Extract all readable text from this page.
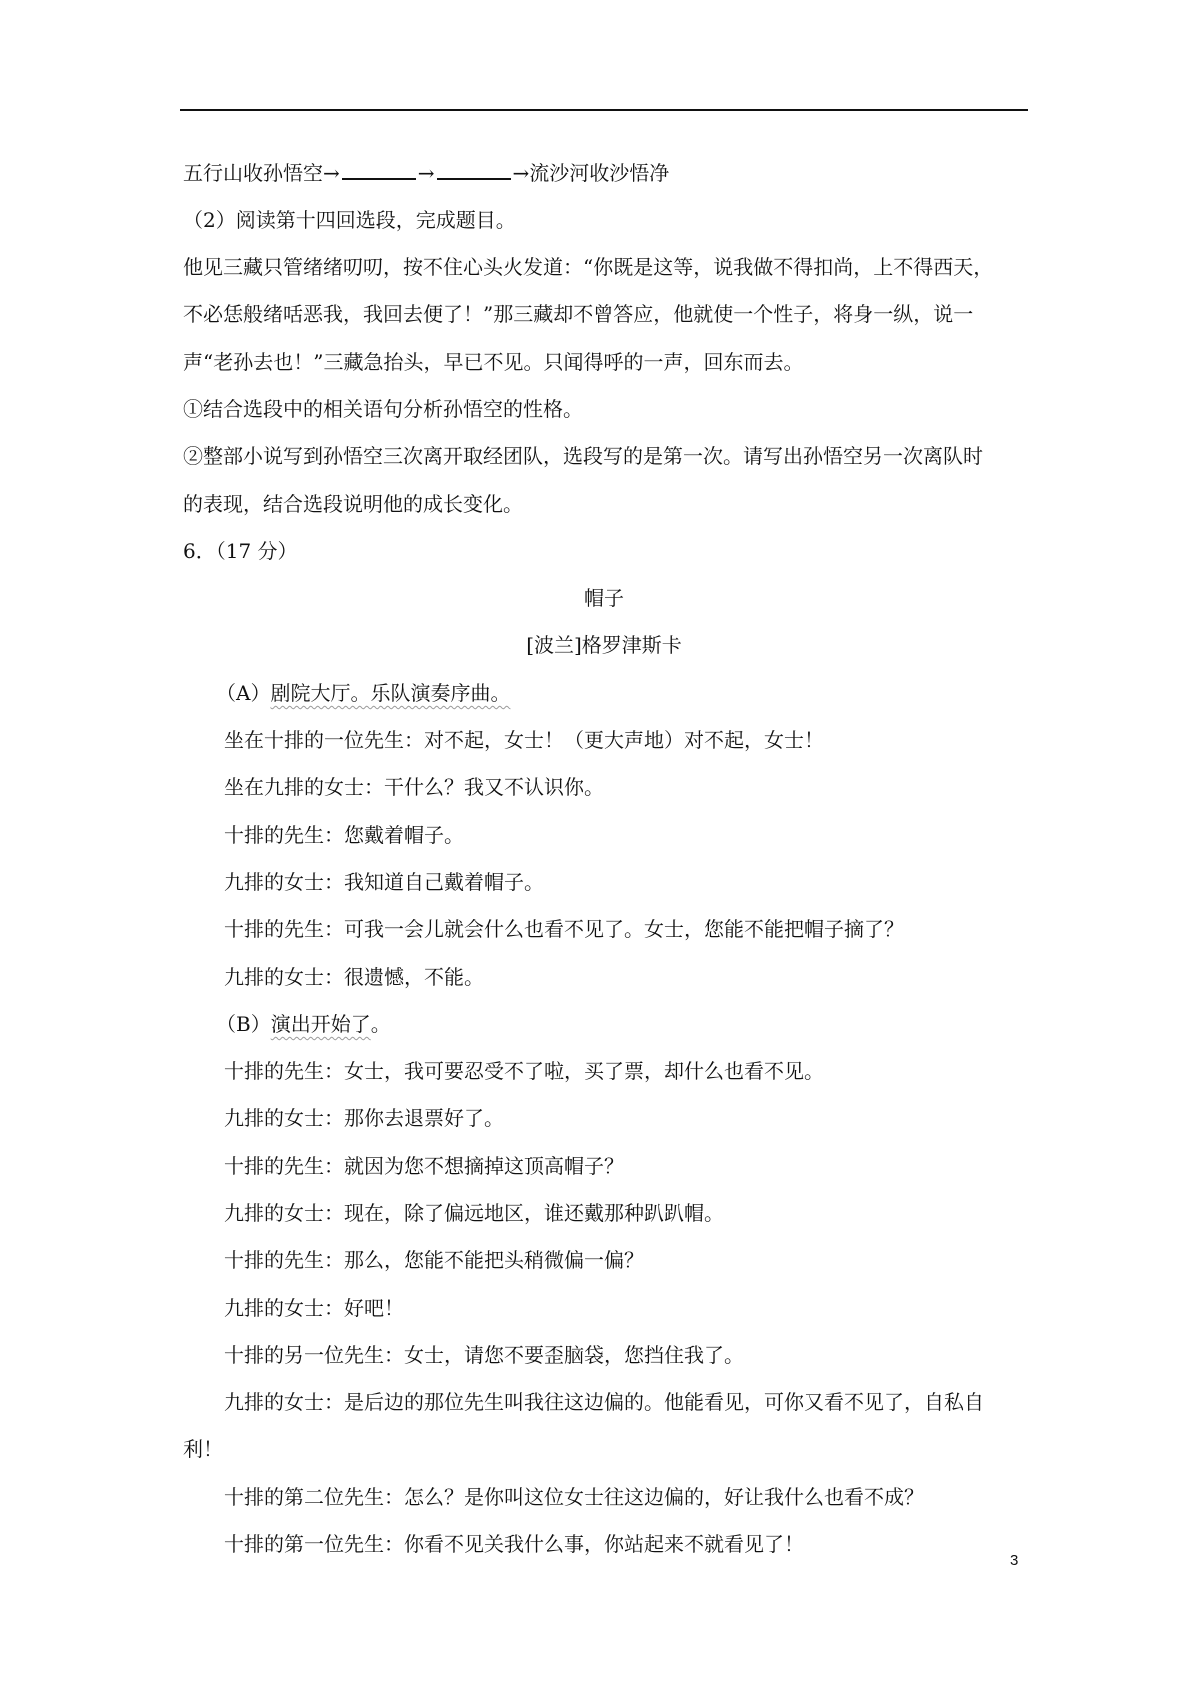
五行山收孙悟空→	→	→流沙河收沙悟净
（2）阅读第十四回选段，完成题目。
他见三藏只管绪绪叨叨，按不住心头火发道：“你既是这等，说我做不得扣尚，上不得西天，
不必恁般绪咶恶我，我回去便了！”那三藏却不曾答应，他就使一个性子，将身一纵，说一
声“老孙去也！”三藏急抬头，早已不见。只闻得呼的一声，回东而去。
①结合选段中的相关语句分析孙悟空的性格。
②整部小说写到孙悟空三次离开取经团队，选段写的是第一次。请写出孙悟空另一次离队时
的表现，结合选段说明他的成长变化。
6．（17 分）
帽子
[波兰]格罗津斯卡
（A）剧院大厅。乐队演奏序曲。
坐在十排的一位先生：对不起，女士！（更大声地）对不起，女士！
坐在九排的女士：干什么？我又不认识你。
十排的先生：您戴着帽子。
九排的女士：我知道自己戴着帽子。
十排的先生：可我一会儿就会什么也看不见了。女士，您能不能把帽子摘了？
九排的女士：很遗憾，不能。
（B）演出开始了。
十排的先生：女士，我可要忍受不了啦，买了票，却什么也看不见。
九排的女士：那你去退票好了。
十排的先生：就因为您不想摘掉这顶高帽子？
九排的女士：现在，除了偏远地区，谁还戴那种趴趴帽。
十排的先生：那么，您能不能把头稍微偏一偏？
九排的女士：好吧！
十排的另一位先生：女士，请您不要歪脑袋，您挡住我了。
九排的女士：是后边的那位先生叫我往这边偏的。他能看见，可你又看不见了，自私自
利！
十排的第二位先生：怎么？是你叫这位女士往这边偏的，好让我什么也看不成？
十排的第一位先生：你看不见关我什么事，你站起来不就看见了！
3
